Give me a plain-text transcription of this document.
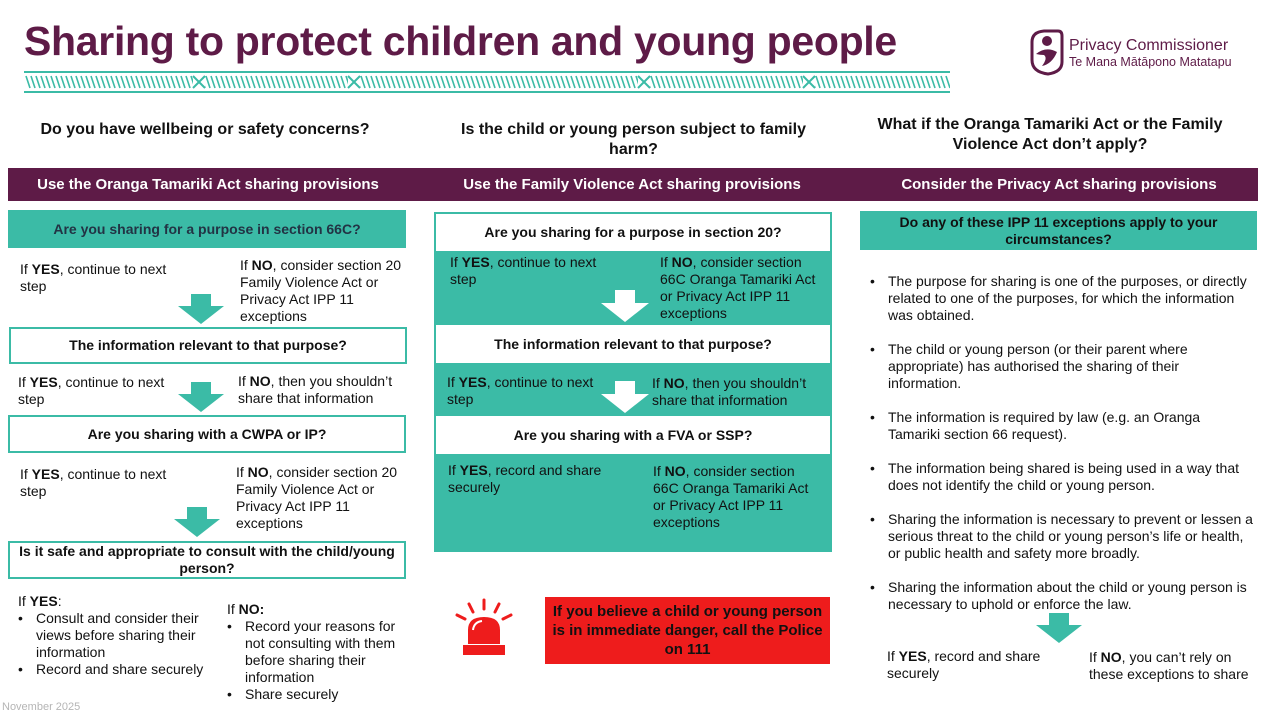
Sharing to protect children and young people	Privacy Commissioner
Te Mana Mātāpono Matatapu
Do you have wellbeing or safety concerns?	Is the child or young person subject to family harm?
What if the Oranga Tamariki Act or the Family Violence Act don’t apply?
Use the Oranga Tamariki Act sharing provisions	Use the Family Violence Act sharing provisions	Consider the Privacy Act sharing provisions
Are you sharing for a purpose in section 66C?
If YES, continue to next step
If NO, consider section 20 Family Violence Act or Privacy Act IPP 11 exceptions
The information relevant to that purpose?
If YES, continue to next step
If NO, then you shouldn’t share that information
Are you sharing with a CWPA or IP?
If YES, continue to next step
If NO, consider section 20 Family Violence Act or Privacy Act IPP 11 exceptions
Is it safe and appropriate to consult with the child/young person?
If YES:
• Consult and consider their views before sharing their information
• Record and share securely
If NO:
• Record your reasons for not consulting with them before sharing their information
• Share securely
Are you sharing for a purpose in section 20?
If YES, continue to next step
If NO, consider section 66C Oranga Tamariki Act or Privacy Act IPP 11 exceptions
The information relevant to that purpose?
If YES, continue to next step
If NO, then you shouldn’t share that information
Are you sharing with a FVA or SSP?
If YES, record and share securely
If NO, consider section 66C Oranga Tamariki Act or Privacy Act IPP 11 exceptions
If you believe a child or young person is in immediate danger, call the Police on 111
Do any of these IPP 11 exceptions apply to your circumstances?
• The purpose for sharing is one of the purposes, or directly related to one of the purposes, for which the information was obtained.
• The child or young person (or their parent where appropriate) has authorised the sharing of their information.
• The information is required by law (e.g. an Oranga Tamariki section 66 request).
• The information being shared is being used in a way that does not identify the child or young person.
• Sharing the information is necessary to prevent or lessen a serious threat to the child or young person’s life or health, or public health and safety more broadly.
• Sharing the information about the child or young person is necessary to uphold or enforce the law.
If YES, record and share securely
If NO, you can’t rely on these exceptions to share
November 2025
